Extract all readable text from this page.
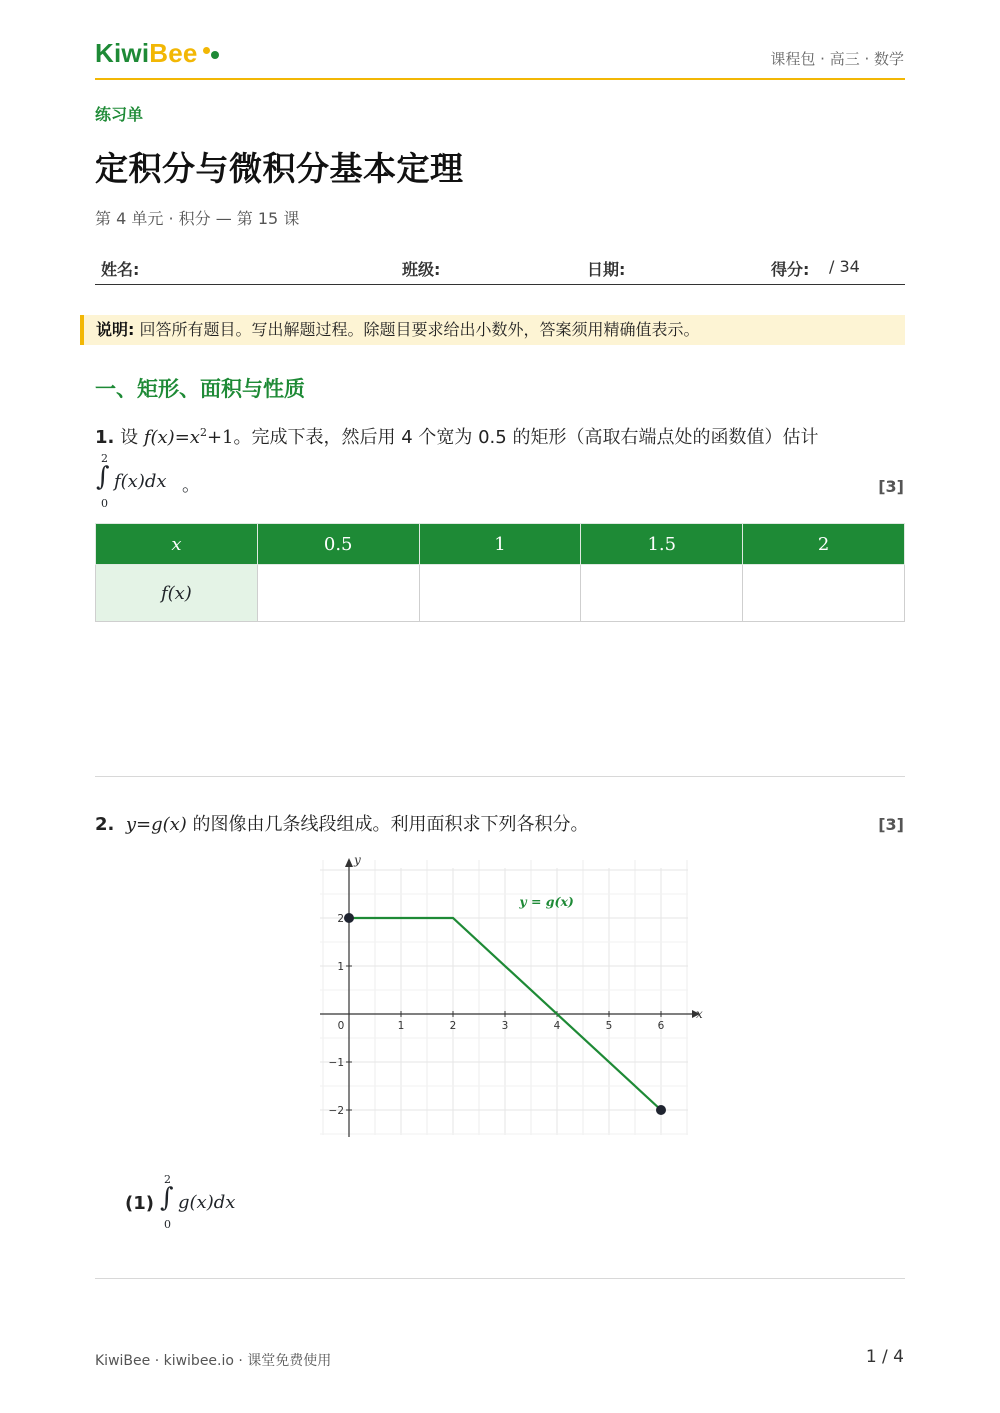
Kiwi Bee	课程包 · 高三 · 数学
练习单
定积分与微积分基本定理
第 4 单元 · 积分 — 第 15 课
姓名:	班级:	日期:	得分: / 34
说明: 回答所有题目。写出解题过程。除题目要求给出小数外，答案须用精确值表示。
一、矩形、面积与性质
1. 设 $f(x)=x^2+1$。完成下表，然后用 4 个宽为 0.5 的矩形（高取右端点处的函数值）估计
2
∫
0
f(x)dx 。	[3]
x	0.5	1	1.5	2
f(x)				
2. y=g(x) 的图像由几条线段组成。利用面积求下列各积分。	[3]
x
y
0	1	2	3	4	5	6
2
1
−1
−2
y = g(x)
(1)
2
∫
0
g(x)dx
KiwiBee · kiwibee.io · 课堂免费使用	1 / 4
